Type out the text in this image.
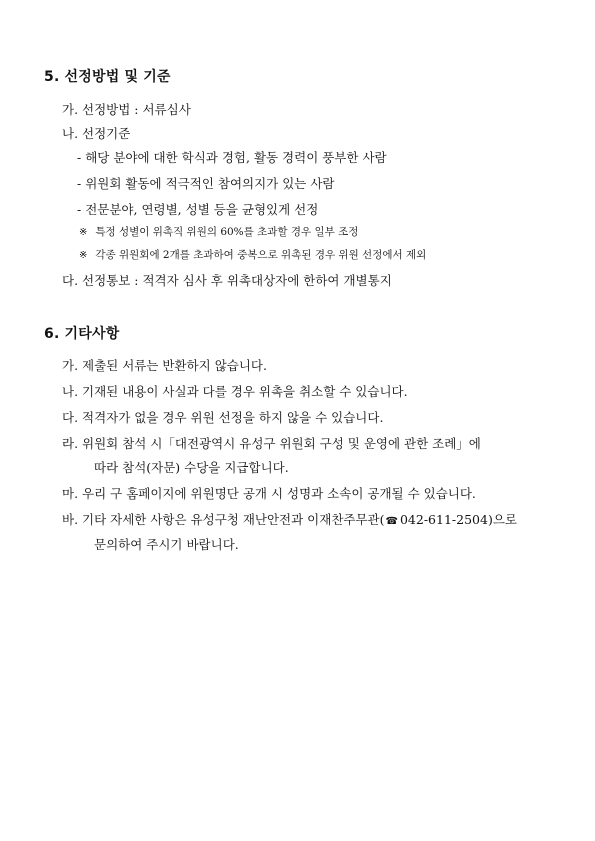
5. 선정방법 및 기준
가. 선정방법 : 서류심사
나. 선정기준
- 해당 분야에 대한 학식과 경험, 활동 경력이 풍부한 사람
- 위원회 활동에 적극적인 참여의지가 있는 사람
- 전문분야, 연령별, 성별 등을 균형있게 선정
※ 특정 성별이 위촉직 위원의 60%를 초과할 경우 일부 조정
※ 각종 위원회에 2개를 초과하여 중복으로 위촉된 경우 위원 선정에서 제외
다. 선정통보 : 적격자 심사 후 위촉대상자에 한하여 개별통지
6. 기타사항
가. 제출된 서류는 반환하지 않습니다.
나. 기재된 내용이 사실과 다를 경우 위촉을 취소할 수 있습니다.
다. 적격자가 없을 경우 위원 선정을 하지 않을 수 있습니다.
라. 위원회 참석 시「대전광역시 유성구 위원회 구성 및 운영에 관한 조례」에
따라 참석(자문) 수당을 지급합니다.
마. 우리 구 홈페이지에 위원명단 공개 시 성명과 소속이 공개될 수 있습니다.
바. 기타 자세한 사항은 유성구청 재난안전과 이재찬주무관(☎ 042-611-2504)으로
문의하여 주시기 바랍니다.
